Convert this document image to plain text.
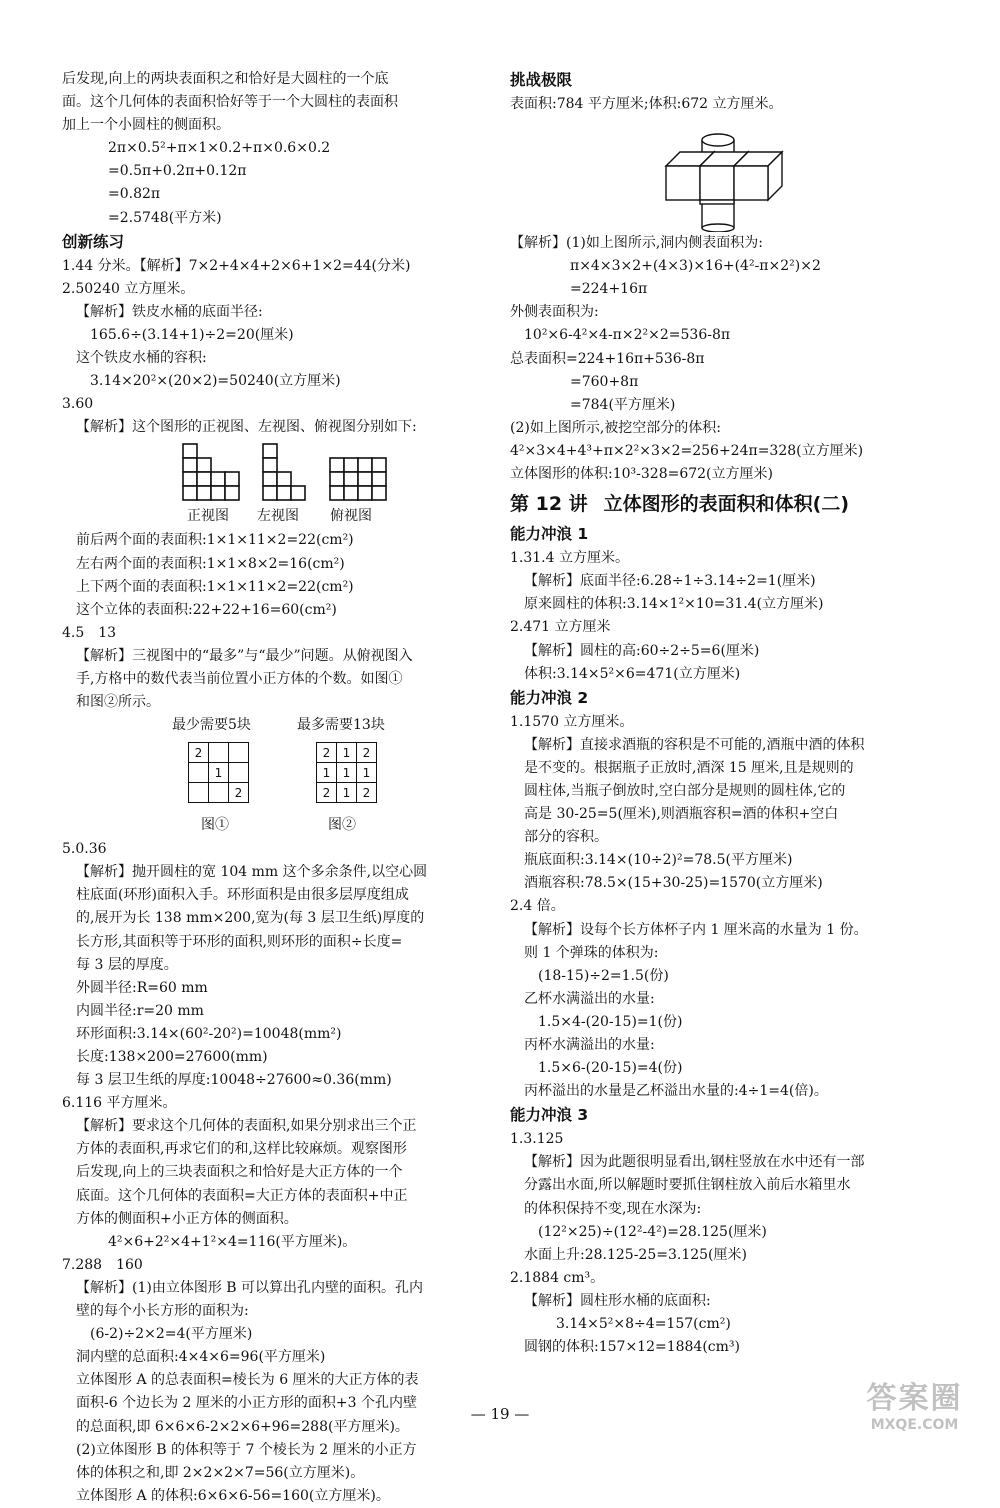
后发现,向上的两块表面积之和恰好是大圆柱的一个底
面。这个几何体的表面积恰好等于一个大圆柱的表面积
加上一个小圆柱的侧面积。
2π×0.5²+π×1×0.2+π×0.6×0.2
=0.5π+0.2π+0.12π
=0.82π
=2.5748(平方米)
创新练习
1.44 分米。【解析】7×2+4×4+2×6+1×2=44(分米)
2.50240 立方厘米。
【解析】铁皮水桶的底面半径:
165.6÷(3.14+1)÷2=20(厘米)
这个铁皮水桶的容积:
3.14×20²×(20×2)=50240(立方厘米)
3.60
【解析】这个图形的正视图、左视图、俯视图分别如下:
正视图 左视图 俯视图
前后两个面的表面积:1×1×11×2=22(cm²)
左右两个面的表面积:1×1×8×2=16(cm²)
上下两个面的表面积:1×1×11×2=22(cm²)
这个立体的表面积:22+22+16=60(cm²)
4.5　13
【解析】三视图中的“最多”与“最少”问题。从俯视图入
手,方格中的数代表当前位置小正方体的个数。如图①
和图②所示。
最少需要5块	最多需要13块
2		
	1	
		2
2	1	2
1	1	1
2	1	2
图①	图②
5.0.36
【解析】抛开圆柱的宽 104 mm 这个多余条件,以空心圆
柱底面(环形)面积入手。环形面积是由很多层厚度组成
的,展开为长 138 mm×200,宽为(每 3 层卫生纸)厚度的
长方形,其面积等于环形的面积,则环形的面积÷长度=
每 3 层的厚度。
外圆半径:R=60 mm
内圆半径:r=20 mm
环形面积:3.14×(60²-20²)=10048(mm²)
长度:138×200=27600(mm)
每 3 层卫生纸的厚度:10048÷27600≈0.36(mm)
6.116 平方厘米。
【解析】要求这个几何体的表面积,如果分别求出三个正
方体的表面积,再求它们的和,这样比较麻烦。观察图形
后发现,向上的三块表面积之和恰好是大正方体的一个
底面。这个几何体的表面积=大正方体的表面积+中正
方体的侧面积+小正方体的侧面积。
4²×6+2²×4+1²×4=116(平方厘米)。
7.288　160
【解析】(1)由立体图形 B 可以算出孔内壁的面积。孔内
壁的每个小长方形的面积为:
(6-2)÷2×2=4(平方厘米)
洞内壁的总面积:4×4×6=96(平方厘米)
立体图形 A 的总表面积=棱长为 6 厘米的大正方体的表
面积-6 个边长为 2 厘米的小正方形的面积+3 个孔内壁
的总面积,即 6×6×6-2×2×6+96=288(平方厘米)。
(2)立体图形 B 的体积等于 7 个棱长为 2 厘米的小正方
体的体积之和,即 2×2×2×7=56(立方厘米)。
立体图形 A 的体积:6×6×6-56=160(立方厘米)。
挑战极限
表面积:784 平方厘米;体积:672 立方厘米。
【解析】(1)如上图所示,洞内侧表面积为:
π×4×3×2+(4×3)×16+(4²-π×2²)×2
=224+16π
外侧表面积为:
10²×6-4²×4-π×2²×2=536-8π
总表面积=224+16π+536-8π
=760+8π
=784(平方厘米)
(2)如上图所示,被挖空部分的体积:
4²×3×4+4³+π×2²×3×2=256+24π=328(立方厘米)
立体图形的体积:10³-328=672(立方厘米)
第 12 讲 立体图形的表面积和体积(二)
能力冲浪 1
1.31.4 立方厘米。
【解析】底面半径:6.28÷1÷3.14÷2=1(厘米)
原来圆柱的体积:3.14×1²×10=31.4(立方厘米)
2.471 立方厘米
【解析】圆柱的高:60÷2÷5=6(厘米)
体积:3.14×5²×6=471(立方厘米)
能力冲浪 2
1.1570 立方厘米。
【解析】直接求酒瓶的容积是不可能的,酒瓶中酒的体积
是不变的。根据瓶子正放时,酒深 15 厘米,且是规则的
圆柱体,当瓶子倒放时,空白部分是规则的圆柱体,它的
高是 30-25=5(厘米),则酒瓶容积=酒的体积+空白
部分的容积。
瓶底面积:3.14×(10÷2)²=78.5(平方厘米)
酒瓶容积:78.5×(15+30-25)=1570(立方厘米)
2.4 倍。
【解析】设每个长方体杯子内 1 厘米高的水量为 1 份。
则 1 个弹珠的体积为:
(18-15)÷2=1.5(份)
乙杯水满溢出的水量:
1.5×4-(20-15)=1(份)
丙杯水满溢出的水量:
1.5×6-(20-15)=4(份)
丙杯溢出的水量是乙杯溢出水量的:4÷1=4(倍)。
能力冲浪 3
1.3.125
【解析】因为此题很明显看出,钢柱竖放在水中还有一部
分露出水面,所以解题时要抓住钢柱放入前后水箱里水
的体积保持不变,现在水深为:
(12²×25)÷(12²-4²)=28.125(厘米)
水面上升:28.125-25=3.125(厘米)
2.1884 cm³。
【解析】圆柱形水桶的底面积:
3.14×5²×8÷4=157(cm²)
圆钢的体积:157×12=1884(cm³)
— 19 —	答案圈
MXQE.COM
